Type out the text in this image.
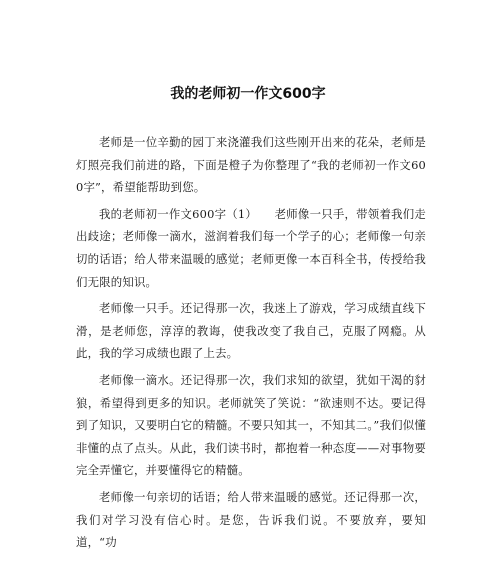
我的老师初一作文600字

老师是一位辛勤的园丁来浇灌我们这些刚开出来的花朵，老师是灯照亮我们前进的路，下面是橙子为你整理了“我的老师初一作文600字”，希望能帮助到您。

我的老师初一作文600字（1）　　老师像一只手，带领着我们走出歧途；老师像一滴水，滋润着我们每一个学子的心；老师像一句亲切的话语；给人带来温暖的感觉；老师更像一本百科全书，传授给我们无限的知识。

老师像一只手。还记得那一次，我迷上了游戏，学习成绩直线下滑，是老师您，淳淳的教诲，使我改变了我自己，克服了网瘾。从此，我的学习成绩也跟了上去。

老师像一滴水。还记得那一次，我们求知的欲望，犹如干渴的豺狼，希望得到更多的知识。老师就笑了笑说：“欲速则不达。要记得到了知识，又要明白它的精髓。不要只知其一，不知其二。”我们似懂非懂的点了点头。从此，我们读书时，都抱着一种态度——对事物要完全弄懂它，并要懂得它的精髓。

老师像一句亲切的话语；给人带来温暖的感觉。还记得那一次，我们对学习没有信心时。是您，告诉我们说。不要放弃，要知道，“功
